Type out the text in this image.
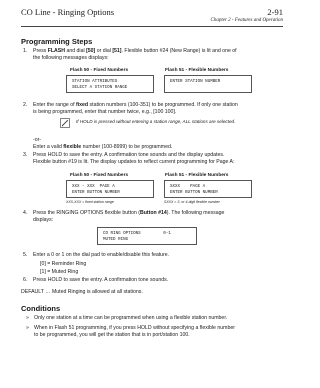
CO Line - Ringing Options	2-91
Chapter 2 - Features and Operation
Programming Steps
1. Press FLASH and dial [50] or dial [51]. Flexible button #24 (New Range) is lit and one of
the following messages displays:
Flash 50 - Fixed Numbers	Flash 51 - Flexible Numbers
STATION ATTRIBUTES
SELECT A STATION RANGE
ENTER STATION NUMBER
2. Enter the range of fixed station numbers (100-351) to be programmed. If only one station
is being programmed, enter that number twice, e.g., [100 100].
If HOLD is pressed without entering a station range, ALL stations are selected.
-or-
Enter a valid flexible number (100-8999) to be programmed.
3. Press HOLD to save the entry. A confirmation tone sounds and the display updates.
Flexible button #19 is lit. The display updates to reflect current programming for Page A:
Flash 50 - Fixed Numbers	Flash 51 - Flexible Numbers
XXX - XXX  PAGE A
ENTER BUTTON NUMBER
SXXX    PAGE A
ENTER BUTTON NUMBER
XXX-XXX = fixed station range	SXXX = 3- or 4-digit flexible number
4. Press the RINGING OPTIONS flexible button (Button #14). The following message
displays:
CO RING OPTIONS         0-1
MUTED RING
5. Enter a 0 or 1 on the dial pad to enable/disable this feature.
[0] = Reminder Ring
[1] = Muted Ring
6. Press HOLD to save the entry. A confirmation tone sounds.
DEFAULT … Muted Ringing is allowed at all stations.
Conditions
» Only one station at a time can be programmed when using a flexible station number.
» When in Flash 51 programming, if you press HOLD without specifying a flexible number
to be programmed, you will get the station that is in port/station 100.
